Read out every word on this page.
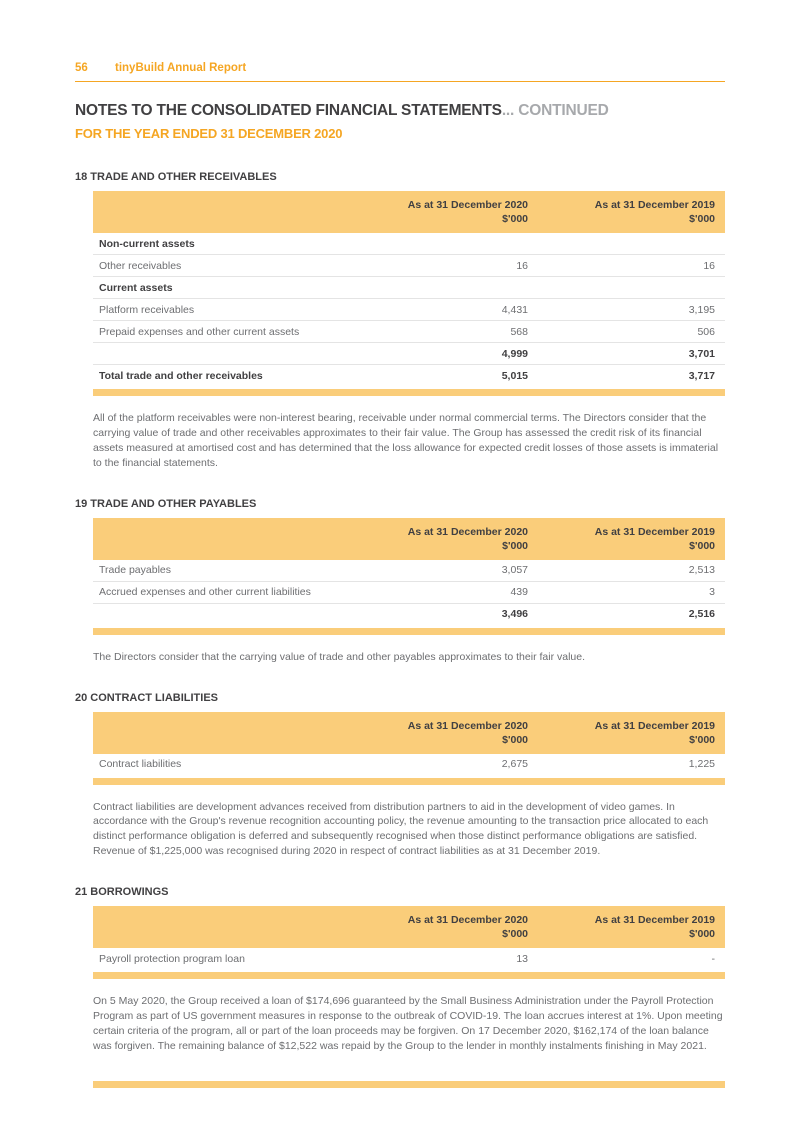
56 tinyBuild Annual Report
NOTES TO THE CONSOLIDATED FINANCIAL STATEMENTS... CONTINUED
FOR THE YEAR ENDED 31 DECEMBER 2020
18 TRADE AND OTHER RECEIVABLES
	As at 31 December 2020	As at 31 December 2019
	$'000	$'000
Non-current assets		
Other receivables	16	16
Current assets		
Platform receivables	4,431	3,195
Prepaid expenses and other current assets	568	506
	4,999	3,701
Total trade and other receivables	5,015	3,717

All of the platform receivables were non-interest bearing, receivable under normal commercial terms. The Directors consider that the carrying value of trade and other receivables approximates to their fair value. The Group has assessed the credit risk of its financial assets measured at amortised cost and has determined that the loss allowance for expected credit losses of those assets is immaterial to the financial statements.

19 TRADE AND OTHER PAYABLES
	As at 31 December 2020	As at 31 December 2019
	$'000	$'000
Trade payables	3,057	2,513
Accrued expenses and other current liabilities	439	3
	3,496	2,516

The Directors consider that the carrying value of trade and other payables approximates to their fair value.

20 CONTRACT LIABILITIES
	As at 31 December 2020	As at 31 December 2019
	$'000	$'000
Contract liabilities	2,675	1,225

Contract liabilities are development advances received from distribution partners to aid in the development of video games. In accordance with the Group's revenue recognition accounting policy, the revenue amounting to the transaction price allocated to each distinct performance obligation is deferred and subsequently recognised when those distinct performance obligations are satisfied. Revenue of $1,225,000 was recognised during 2020 in respect of contract liabilities as at 31 December 2019.

21 BORROWINGS
	As at 31 December 2020	As at 31 December 2019
	$'000	$'000
Payroll protection program loan	13	-

On 5 May 2020, the Group received a loan of $174,696 guaranteed by the Small Business Administration under the Payroll Protection Program as part of US government measures in response to the outbreak of COVID-19. The loan accrues interest at 1%. Upon meeting certain criteria of the program, all or part of the loan proceeds may be forgiven. On 17 December 2020, $162,174 of the loan balance was forgiven. The remaining balance of $12,522 was repaid by the Group to the lender in monthly instalments finishing in May 2021.
